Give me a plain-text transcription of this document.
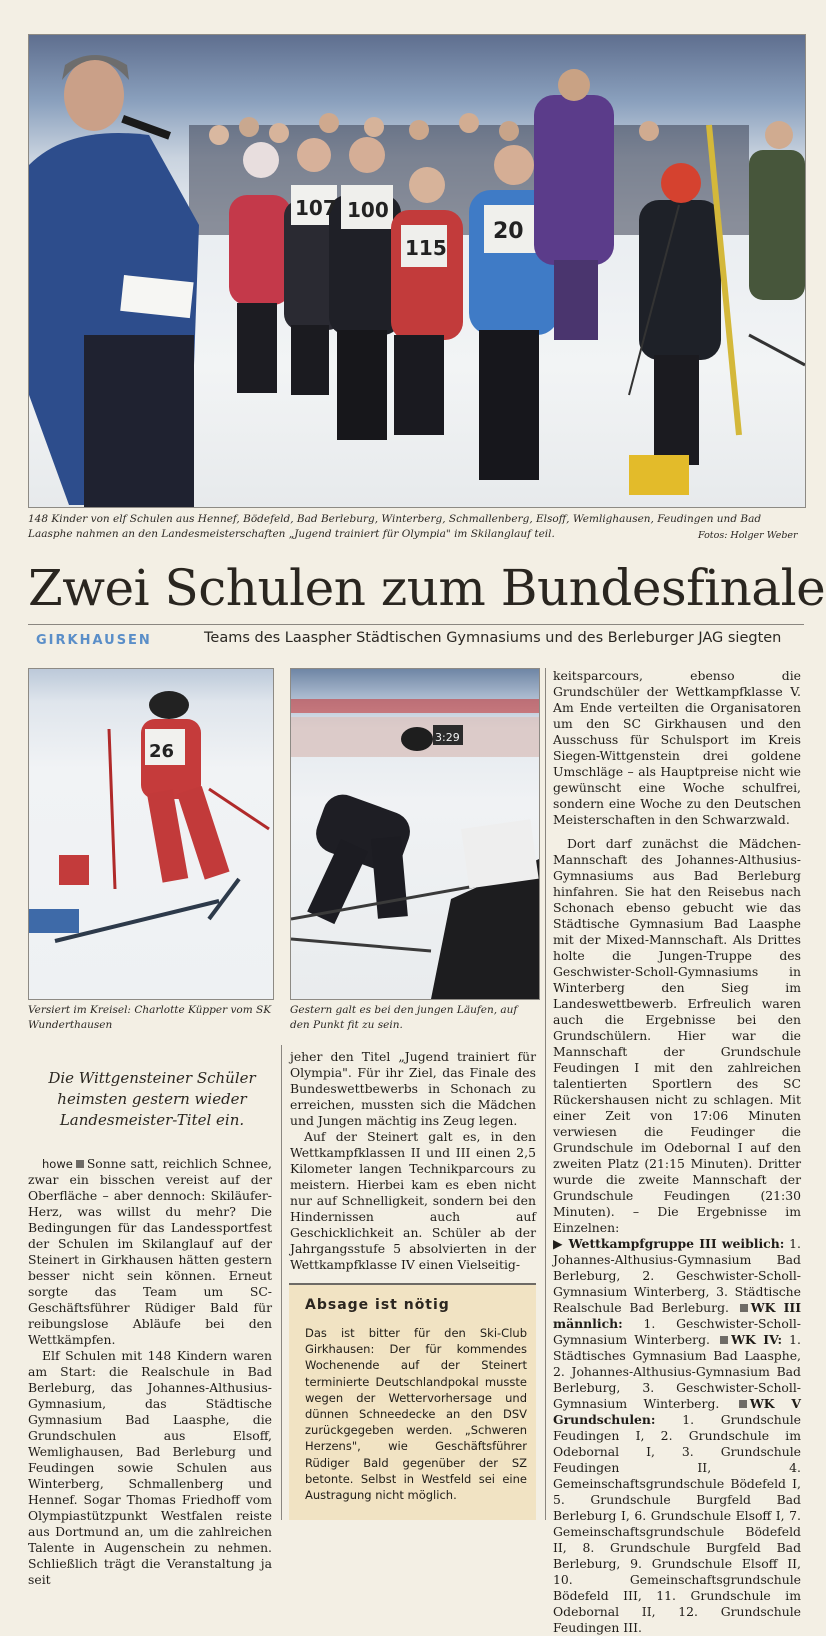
107 100
115
20
148 Kinder von elf Schulen aus Hennef, Bödefeld, Bad Berleburg, Winterberg, Schmallenberg, Elsoff, Wemlighausen, Feudingen und Bad Laasphe nahmen an den Landesmeisterschaften „Jugend trainiert für Olympia" im Skilanglauf teil.	Fotos: Holger Weber
Zwei Schulen zum Bundesfinale
GIRKHAUSEN	Teams des Laaspher Städtischen Gymnasiums und des Berleburger JAG siegten
26
3:29
Versiert im Kreisel: Charlotte Küpper vom SK Wunderthausen
Gestern galt es bei den jungen Läufen, auf den Punkt fit zu sein.
Die Wittgensteiner Schüler heimsten gestern wieder Landesmeister-Titel ein.

howe Sonne satt, reichlich Schnee, zwar ein bisschen vereist auf der Oberfläche – aber dennoch: Skiläufer-Herz, was willst du mehr? Die Bedingungen für das Landessportfest der Schulen im Skilanglauf auf der Steinert in Girkhausen hätten gestern besser nicht sein können. Erneut sorgte das Team um SC-Geschäftsführer Rüdiger Bald für reibungslose Abläufe bei den Wettkämpfen.

Elf Schulen mit 148 Kindern waren am Start: die Realschule in Bad Berleburg, das Johannes-Althusius-Gymnasium, das Städtische Gymnasium Bad Laasphe, die Grundschulen aus Elsoff, Wemlighausen, Bad Berleburg und Feudingen sowie Schulen aus Winterberg, Schmallenberg und Hennef. Sogar Thomas Friedhoff vom Olympiastützpunkt Westfalen reiste aus Dortmund an, um die zahlreichen Talente in Augenschein zu nehmen. Schließlich trägt die Veranstaltung ja seit

jeher den Titel „Jugend trainiert für Olympia". Für ihr Ziel, das Finale des Bundeswettbewerbs in Schonach zu erreichen, mussten sich die Mädchen und Jungen mächtig ins Zeug legen.

Auf der Steinert galt es, in den Wettkampfklassen II und III einen 2,5 Kilometer langen Technikparcours zu meistern. Hierbei kam es eben nicht nur auf Schnelligkeit, sondern bei den Hindernissen auch auf Geschicklichkeit an. Schüler ab der Jahrgangsstufe 5 absolvierten in der Wettkampfklasse IV einen Vielseitig-

Absage ist nötig
Das ist bitter für den Ski-Club Girkhausen: Der für kommendes Wochenende auf der Steinert terminierte Deutschlandpokal musste wegen der Wettervorhersage und dünnen Schneedecke an den DSV zurückgegeben werden. „Schweren Herzens", wie Geschäftsführer Rüdiger Bald gegenüber der SZ betonte. Selbst in Westfeld sei eine Austragung nicht möglich.

keitsparcours, ebenso die Grundschüler der Wettkampfklasse V. Am Ende verteilten die Organisatoren um den SC Girkhausen und den Ausschuss für Schulsport im Kreis Siegen-Wittgenstein drei goldene Umschläge – als Hauptpreise nicht wie gewünscht eine Woche schulfrei, sondern eine Woche zu den Deutschen Meisterschaften in den Schwarzwald.

Dort darf zunächst die Mädchen-Mannschaft des Johannes-Althusius-Gymnasiums aus Bad Berleburg hinfahren. Sie hat den Reisebus nach Schonach ebenso gebucht wie das Städtische Gymnasium Bad Laasphe mit der Mixed-Mannschaft. Als Drittes holte die Jungen-Truppe des Geschwister-Scholl-Gymnasiums in Winterberg den Sieg im Landeswettbewerb. Erfreulich waren auch die Ergebnisse bei den Grundschülern. Hier war die Mannschaft der Grundschule Feudingen I mit den zahlreichen talentierten Sportlern des SC Rückershausen nicht zu schlagen. Mit einer Zeit von 17:06 Minuten verwiesen die Feudinger die Grundschule im Odebornal I auf den zweiten Platz (21:15 Minuten). Dritter wurde die zweite Mannschaft der Grundschule Feudingen (21:30 Minuten). – Die Ergebnisse im Einzelnen:

▶ Wettkampfgruppe III weiblich: 1. Johannes-Althusius-Gymnasium Bad Berleburg, 2. Geschwister-Scholl-Gymnasium Winterberg, 3. Städtische Realschule Bad Berleburg. WK III männlich: 1. Geschwister-Scholl-Gymnasium Winterberg. WK IV: 1. Städtisches Gymnasium Bad Laasphe, 2. Johannes-Althusius-Gymnasium Bad Berleburg, 3. Geschwister-Scholl-Gymnasium Winterberg. WK V Grundschulen: 1. Grundschule Feudingen I, 2. Grundschule im Odebornal I, 3. Grundschule Feudingen II, 4. Gemeinschaftsgrundschule Bödefeld I, 5. Grundschule Burgfeld Bad Berleburg I, 6. Grundschule Elsoff I, 7. Gemeinschaftsgrundschule Bödefeld II, 8. Grundschule Burgfeld Bad Berleburg, 9. Grundschule Elsoff II, 10. Gemeinschaftsgrundschule Bödefeld III, 11. Grundschule im Odebornal II, 12. Grundschule Feudingen III.
